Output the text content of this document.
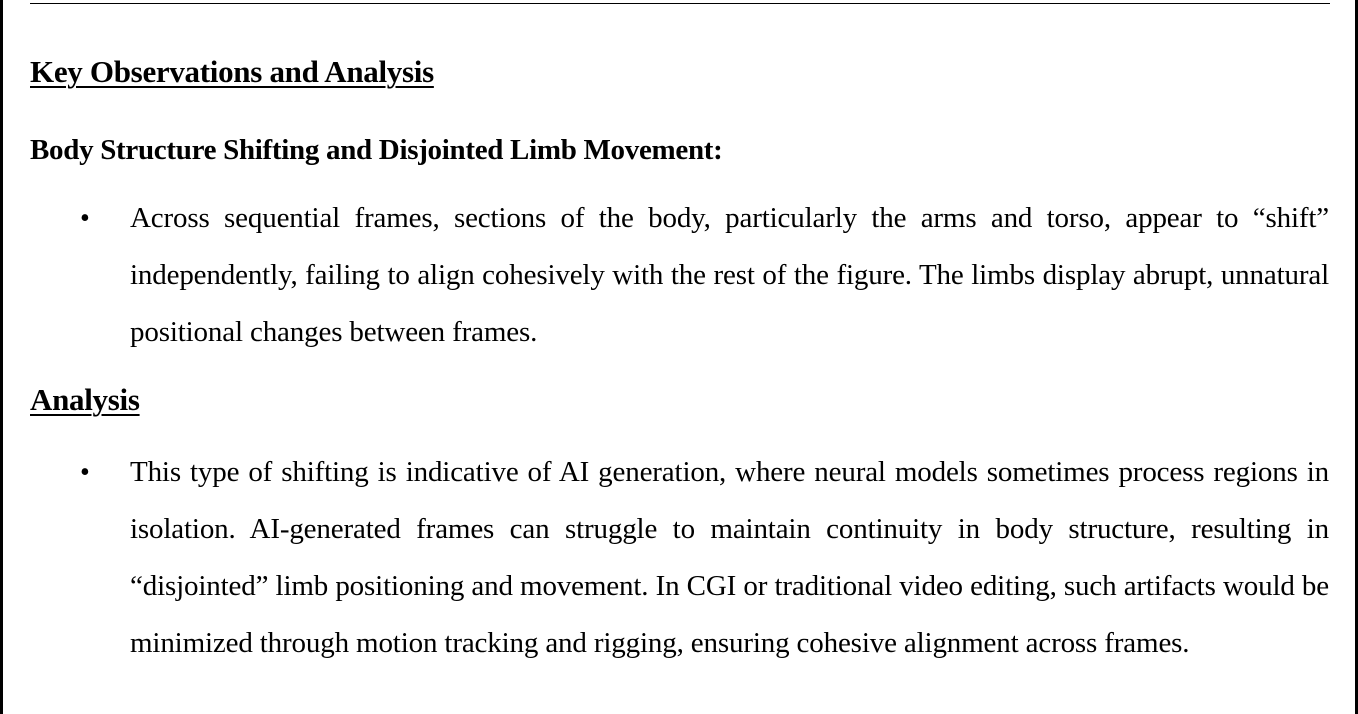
Key Observations and Analysis
Body Structure Shifting and Disjointed Limb Movement:
• Across sequential frames, sections of the body, particularly the arms and torso, appear to “shift” independently, failing to align cohesively with the rest of the figure. The limbs display abrupt, unnatural positional changes between frames.

Analysis
• This type of shifting is indicative of AI generation, where neural models sometimes process regions in isolation. AI-generated frames can struggle to maintain continuity in body structure, resulting in “disjointed” limb positioning and movement. In CGI or traditional video editing, such artifacts would be minimized through motion tracking and rigging, ensuring cohesive alignment across frames.
